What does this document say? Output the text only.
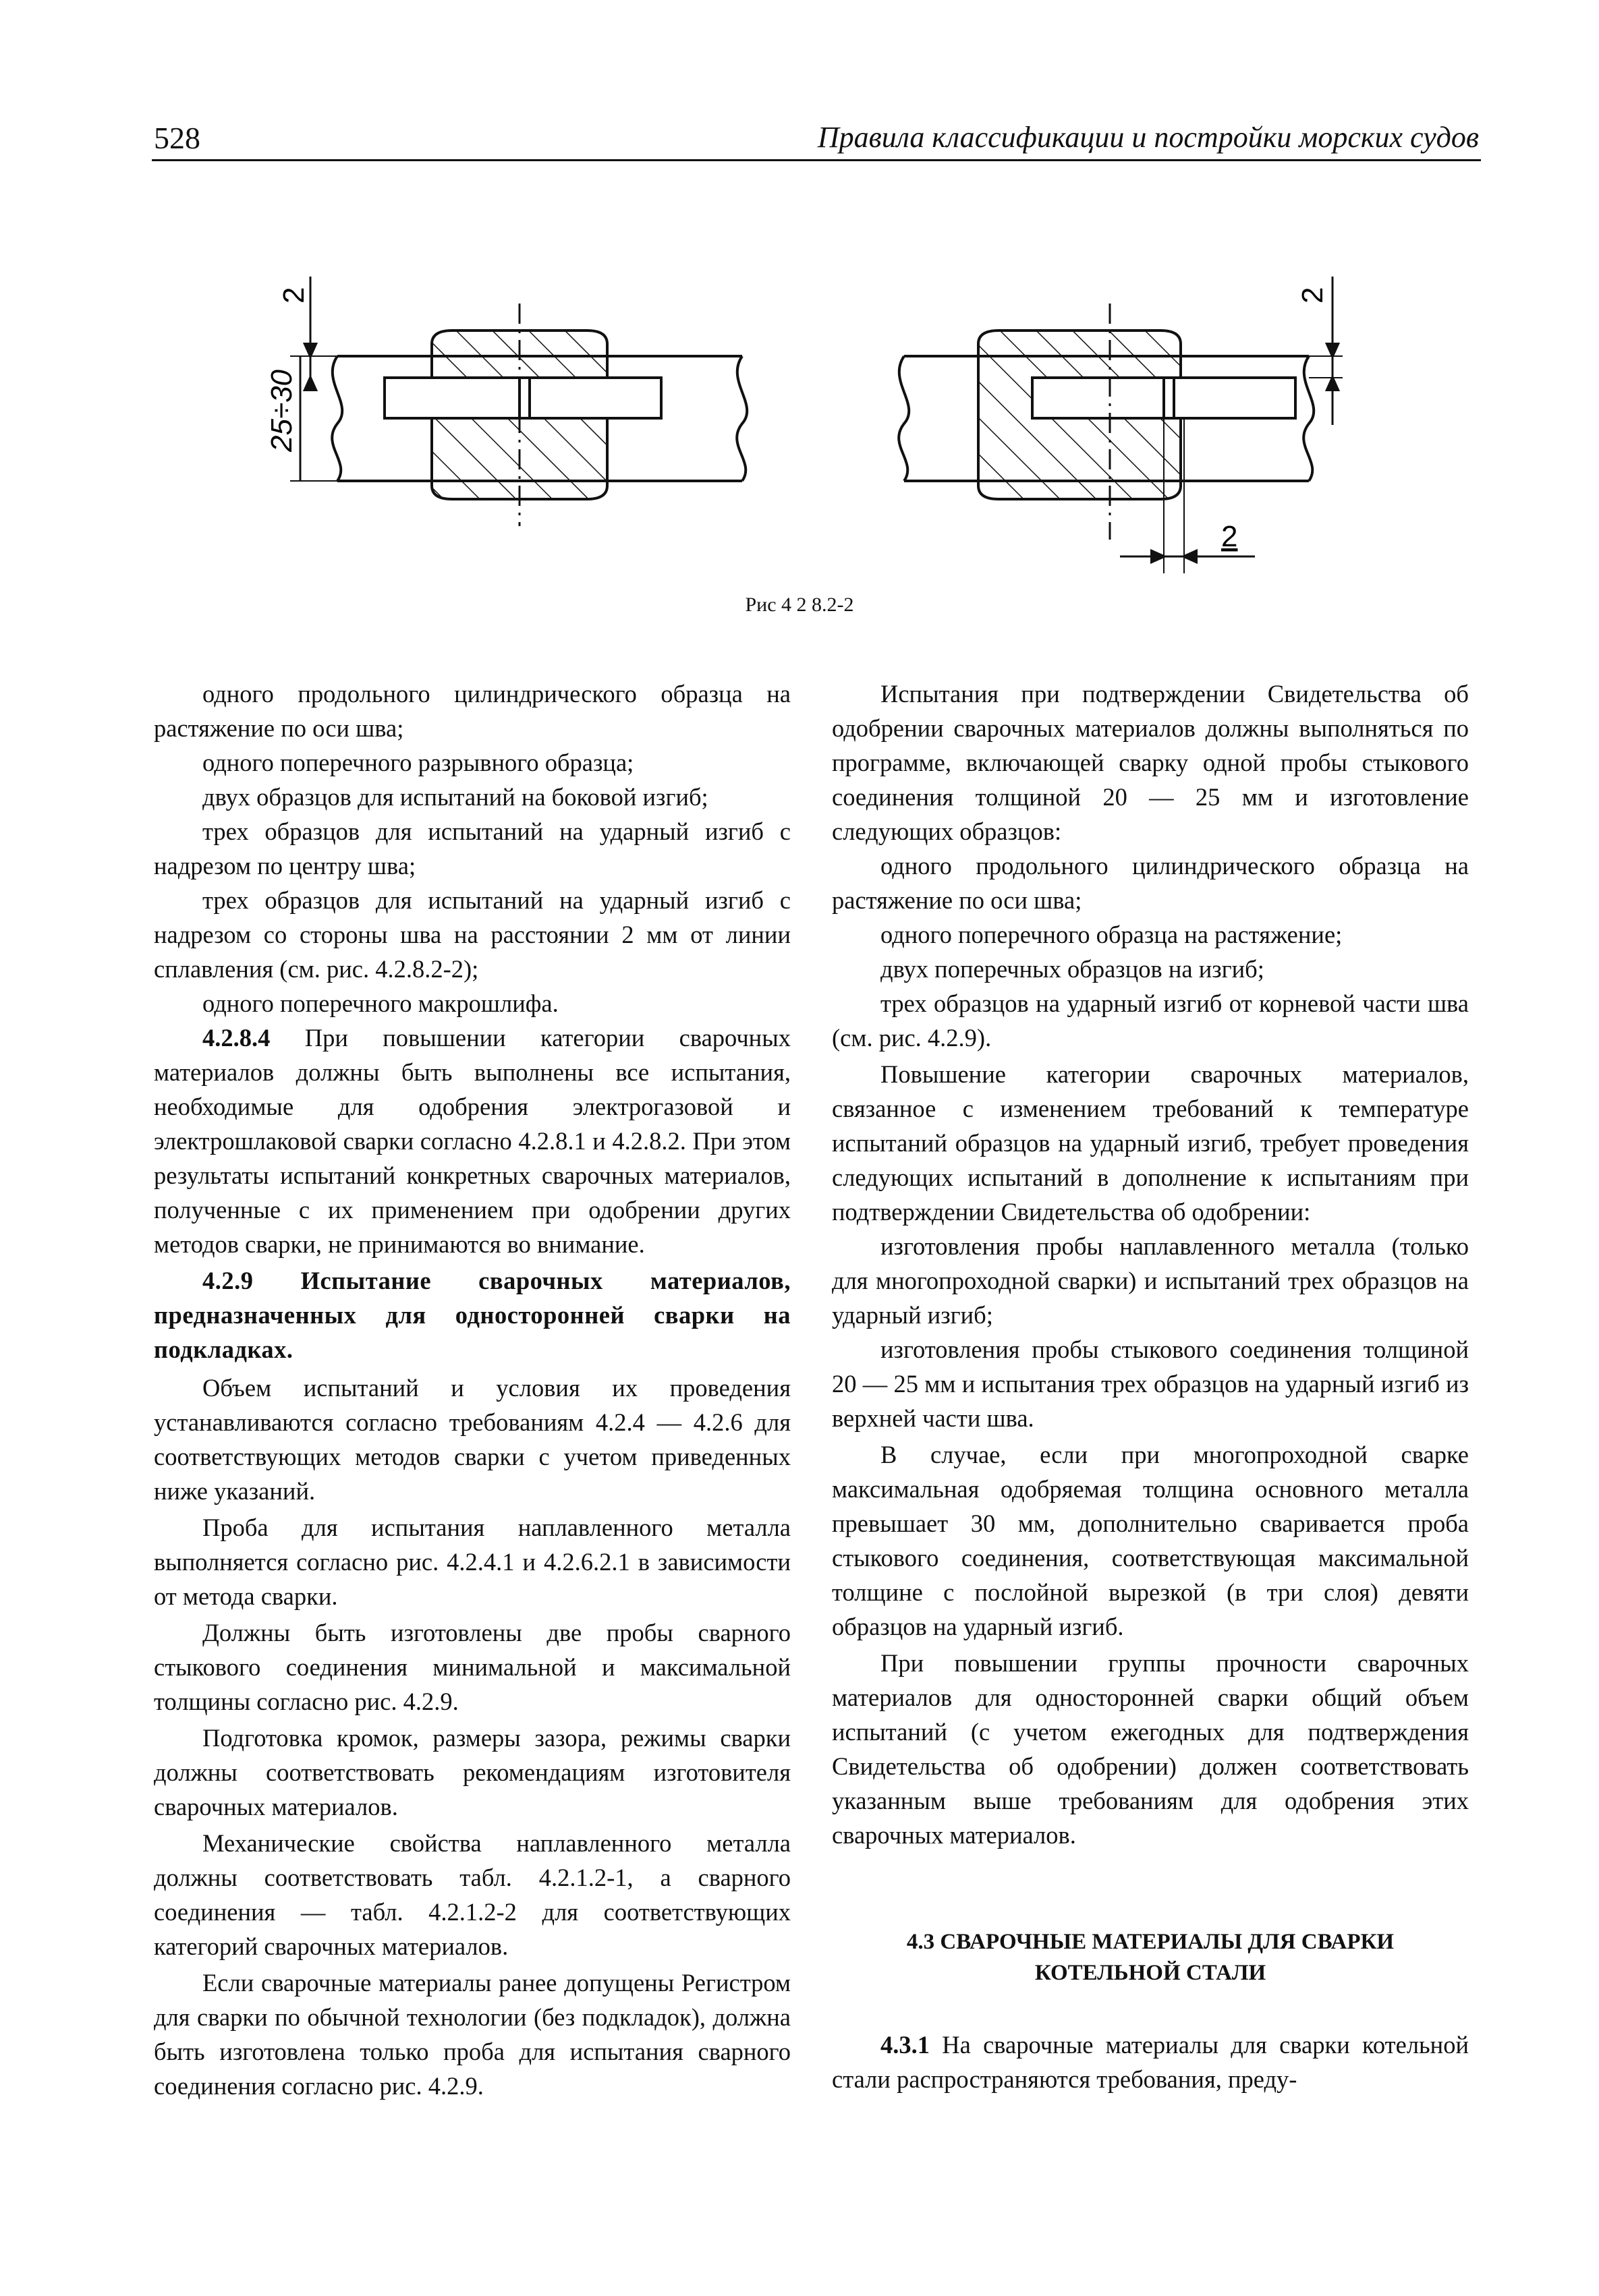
528	Правила классификации и постройки морских судов
2
25÷30
2
2
Рис 4 2 8.2-2

одного продольного цилиндрического образца на растяжение по оси шва;

одного поперечного разрывного образца;

двух образцов для испытаний на боковой изгиб;

трех образцов для испытаний на ударный изгиб с надрезом по центру шва;

трех образцов для испытаний на ударный изгиб с надрезом со стороны шва на расстоянии 2 мм от линии сплавления (см. рис. 4.2.8.2-2);

одного поперечного макрошлифа.

4.2.8.4 При повышении категории сварочных материалов должны быть выполнены все испытания, необходимые для одобрения электрогазовой и электрошлаковой сварки согласно 4.2.8.1 и 4.2.8.2. При этом результаты испытаний конкретных сварочных материалов, полученные с их применением при одобрении других методов сварки, не принимаются во внимание.

4.2.9 Испытание сварочных материалов, предназначенных для односторонней сварки на подкладках.

Объем испытаний и условия их проведения устанавливаются согласно требованиям 4.2.4 — 4.2.6 для соответствующих методов сварки с учетом приведенных ниже указаний.

Проба для испытания наплавленного металла выполняется согласно рис. 4.2.4.1 и 4.2.6.2.1 в зависимости от метода сварки.

Должны быть изготовлены две пробы сварного стыкового соединения минимальной и максимальной толщины согласно рис. 4.2.9.

Подготовка кромок, размеры зазора, режимы сварки должны соответствовать рекомендациям изготовителя сварочных материалов.

Механические свойства наплавленного металла должны соответствовать табл. 4.2.1.2-1, а сварного соединения — табл. 4.2.1.2-2 для соответствующих категорий сварочных материалов.

Если сварочные материалы ранее допущены Регистром для сварки по обычной технологии (без подкладок), должна быть изготовлена только проба для испытания сварного соединения согласно рис. 4.2.9.

Испытания при подтверждении Свидетельства об одобрении сварочных материалов должны выполняться по программе, включающей сварку одной пробы стыкового соединения толщиной 20 — 25 мм и изготовление следующих образцов:

одного продольного цилиндрического образца на растяжение по оси шва;

одного поперечного образца на растяжение;

двух поперечных образцов на изгиб;

трех образцов на ударный изгиб от корневой части шва (см. рис. 4.2.9).

Повышение категории сварочных материалов, связанное с изменением требований к температуре испытаний образцов на ударный изгиб, требует проведения следующих испытаний в дополнение к испытаниям при подтверждении Свидетельства об одобрении:

изготовления пробы наплавленного металла (только для многопроходной сварки) и испытаний трех образцов на ударный изгиб;

изготовления пробы стыкового соединения толщиной 20 — 25 мм и испытания трех образцов на ударный изгиб из верхней части шва.

В случае, если при многопроходной сварке максимальная одобряемая толщина основного металла превышает 30 мм, дополнительно сваривается проба стыкового соединения, соответствующая максимальной толщине с послойной вырезкой (в три слоя) девяти образцов на ударный изгиб.

При повышении группы прочности сварочных материалов для односторонней сварки общий объем испытаний (с учетом ежегодных для подтверждения Свидетельства об одобрении) должен соответствовать указанным выше требованиям для одобрения этих сварочных материалов.

4.3 СВАРОЧНЫЕ МАТЕРИАЛЫ ДЛЯ СВАРКИ
КОТЕЛЬНОЙ СТАЛИ

4.3.1 На сварочные материалы для сварки котельной стали распространяются требования, преду-
